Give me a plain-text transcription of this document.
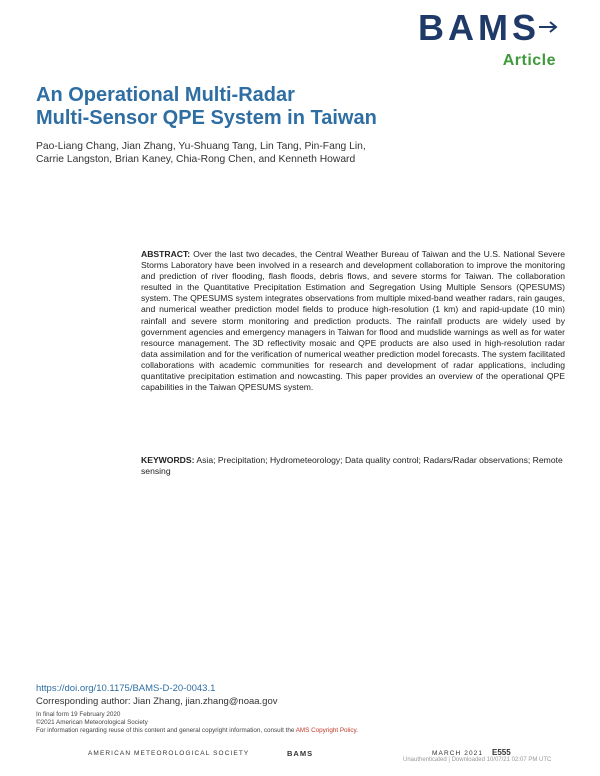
BAMS
Article
An Operational Multi-Radar
Multi-Sensor QPE System in Taiwan
Pao-Liang Chang, Jian Zhang, Yu-Shuang Tang, Lin Tang, Pin-Fang Lin,
Carrie Langston, Brian Kaney, Chia-Rong Chen, and Kenneth Howard

ABSTRACT: Over the last two decades, the Central Weather Bureau of Taiwan and the U.S. National Severe Storms Laboratory have been involved in a research and development collaboration to improve the monitoring and prediction of river flooding, flash floods, debris flows, and severe storms for Taiwan. The collaboration resulted in the Quantitative Precipitation Estimation and Segregation Using Multiple Sensors (QPESUMS) system. The QPESUMS system integrates observations from multiple mixed-band weather radars, rain gauges, and numerical weather prediction model fields to produce high-resolution (1 km) and rapid-update (10 min) rainfall and severe storm monitoring and prediction products. The rainfall products are widely used by government agencies and emergency managers in Taiwan for flood and mudslide warnings as well as for water resource management. The 3D reflectivity mosaic and QPE products are also used in high-resolution radar data assimilation and for the verification of numerical weather prediction model forecasts. The system facilitated collaborations with academic communities for research and development of radar applications, including quantitative precipitation estimation and nowcasting. This paper provides an overview of the operational QPE capabilities in the Taiwan QPESUMS system.

KEYWORDS: Asia; Precipitation; Hydrometeorology; Data quality control; Radars/Radar observations; Remote sensing

https://doi.org/10.1175/BAMS-D-20-0043.1
Corresponding author: Jian Zhang, jian.zhang@noaa.gov
In final form 19 February 2020
©2021 American Meteorological Society
For information regarding reuse of this content and general copyright information, consult the AMS Copyright Policy.
AMERICAN METEOROLOGICAL SOCIETY	BAMS	MARCH 2021 E555
Unauthenticated | Downloaded 10/07/21 02:07 PM UTC
